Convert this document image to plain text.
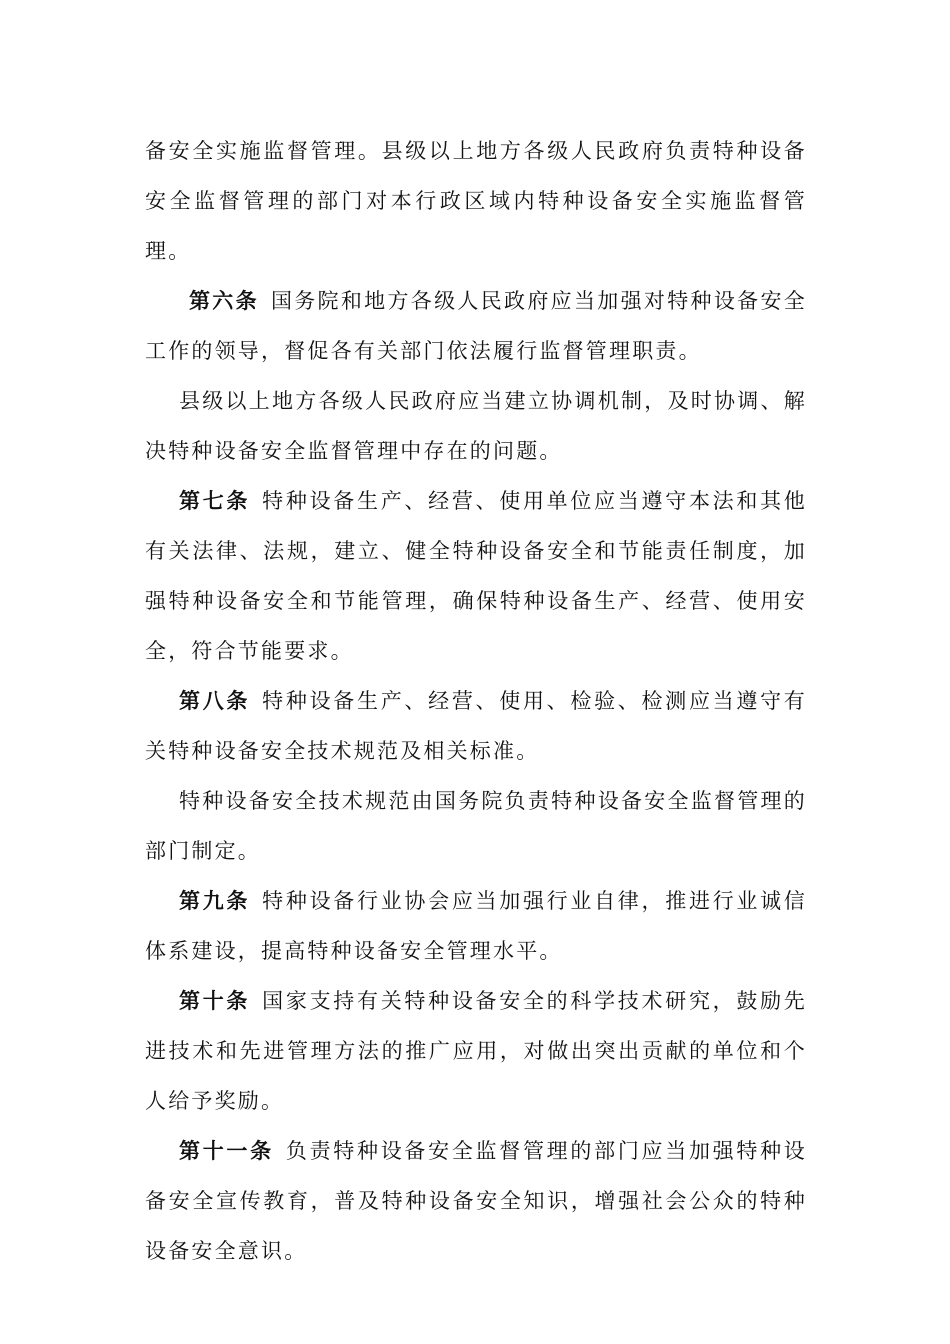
备安全实施监督管理。县级以上地方各级人民政府负责特种设备安全监督管理的部门对本行政区域内特种设备安全实施监督管理。

第六条 国务院和地方各级人民政府应当加强对特种设备安全工作的领导，督促各有关部门依法履行监督管理职责。

县级以上地方各级人民政府应当建立协调机制，及时协调、解决特种设备安全监督管理中存在的问题。

第七条 特种设备生产、经营、使用单位应当遵守本法和其他有关法律、法规，建立、健全特种设备安全和节能责任制度，加强特种设备安全和节能管理，确保特种设备生产、经营、使用安全，符合节能要求。

第八条 特种设备生产、经营、使用、检验、检测应当遵守有关特种设备安全技术规范及相关标准。

特种设备安全技术规范由国务院负责特种设备安全监督管理的部门制定。

第九条 特种设备行业协会应当加强行业自律，推进行业诚信体系建设，提高特种设备安全管理水平。

第十条 国家支持有关特种设备安全的科学技术研究，鼓励先进技术和先进管理方法的推广应用，对做出突出贡献的单位和个人给予奖励。

第十一条 负责特种设备安全监督管理的部门应当加强特种设备安全宣传教育，普及特种设备安全知识，增强社会公众的特种设备安全意识。
